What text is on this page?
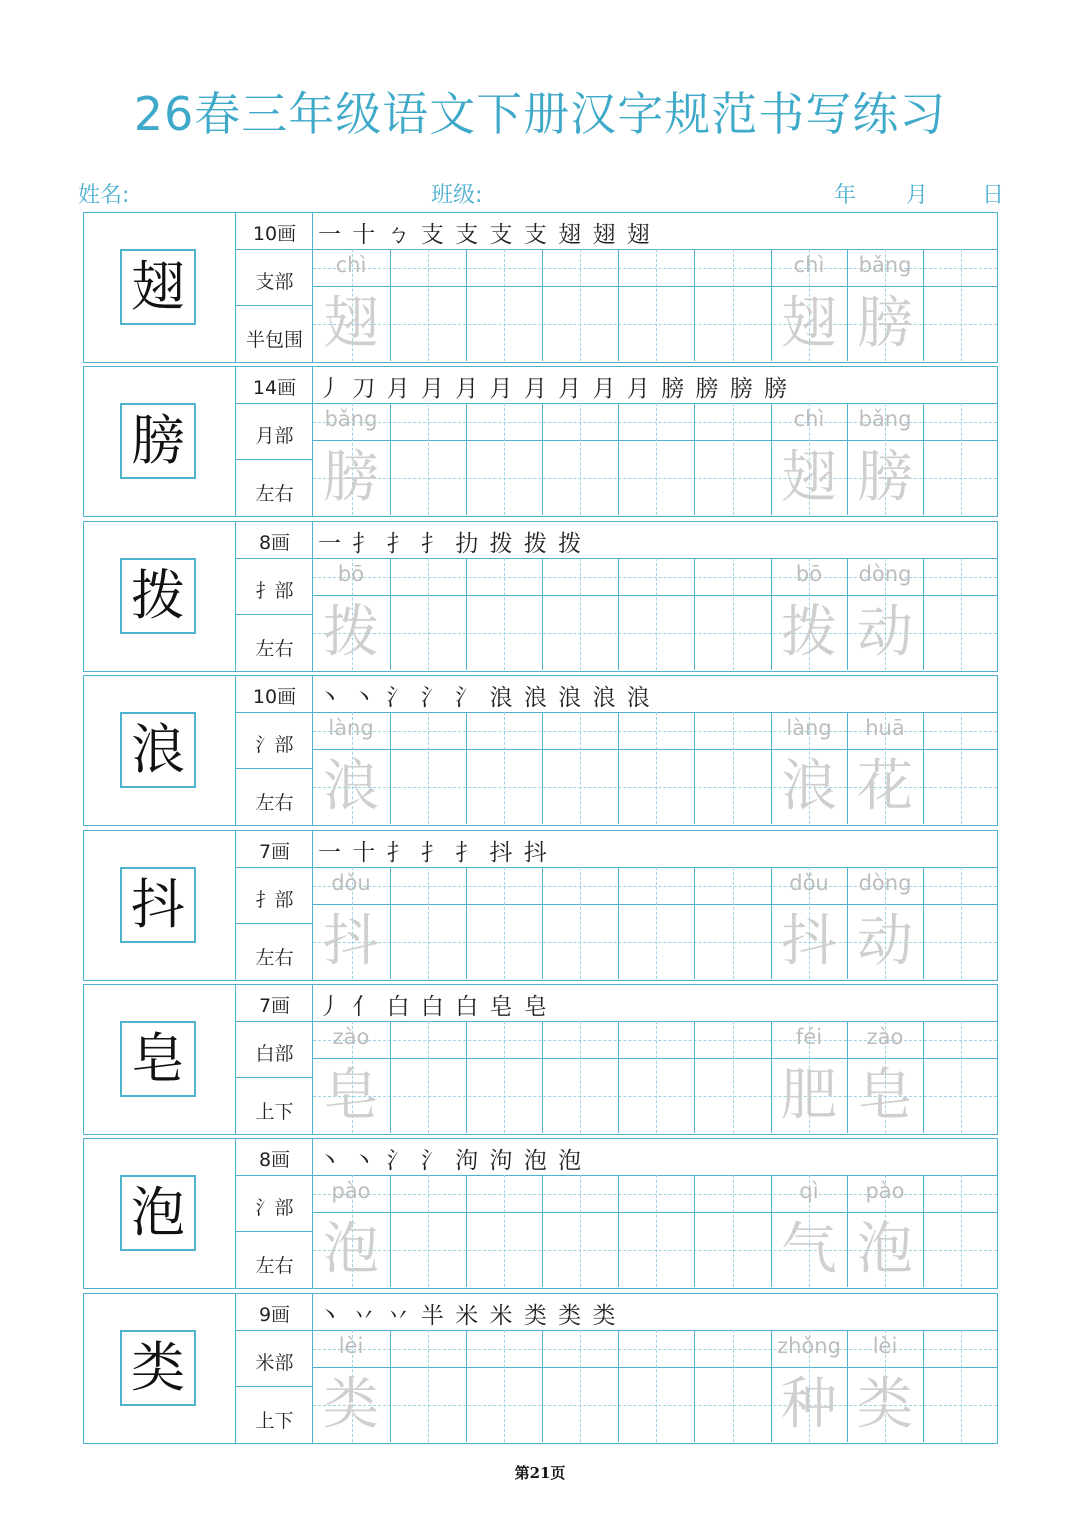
26春三年级语文下册汉字规范书写练习
姓名:	班级:	年 月 日
翅
10画
支部
半包围
一 十 ㄅ 支 支 支 支 翅 翅 翅
chì
翅
chì
翅
bǎng
膀
膀
14画
月部
左右
丿 刀 月 月 月 月 月 月 月 月 膀 膀 膀 膀
bǎng
膀
chì
翅
bǎng
膀
拨
8画
扌部
左右
一 扌 扌 扌 扐 拨 拨 拨
bō
拨
bō
拨
dòng
动
浪
10画
氵部
左右
丶 丶 氵 氵 氵 浪 浪 浪 浪 浪
làng
浪
làng
浪
huā
花
抖
7画
扌部
左右
一 十 扌 扌 扌 抖 抖
dǒu
抖
dǒu
抖
dòng
动
皂
7画
白部
上下
丿 亻 白 白 白 皂 皂
zào
皂
féi
肥
zào
皂
泡
8画
氵部
左右
丶 丶 氵 氵 泃 泃 泡 泡
pào
泡
qì
气
pào
泡
类
9画
米部
上下
丶 丷 丷 半 米 米 类 类 类
lèi
类
zhǒng
种
lèi
类
第21页
